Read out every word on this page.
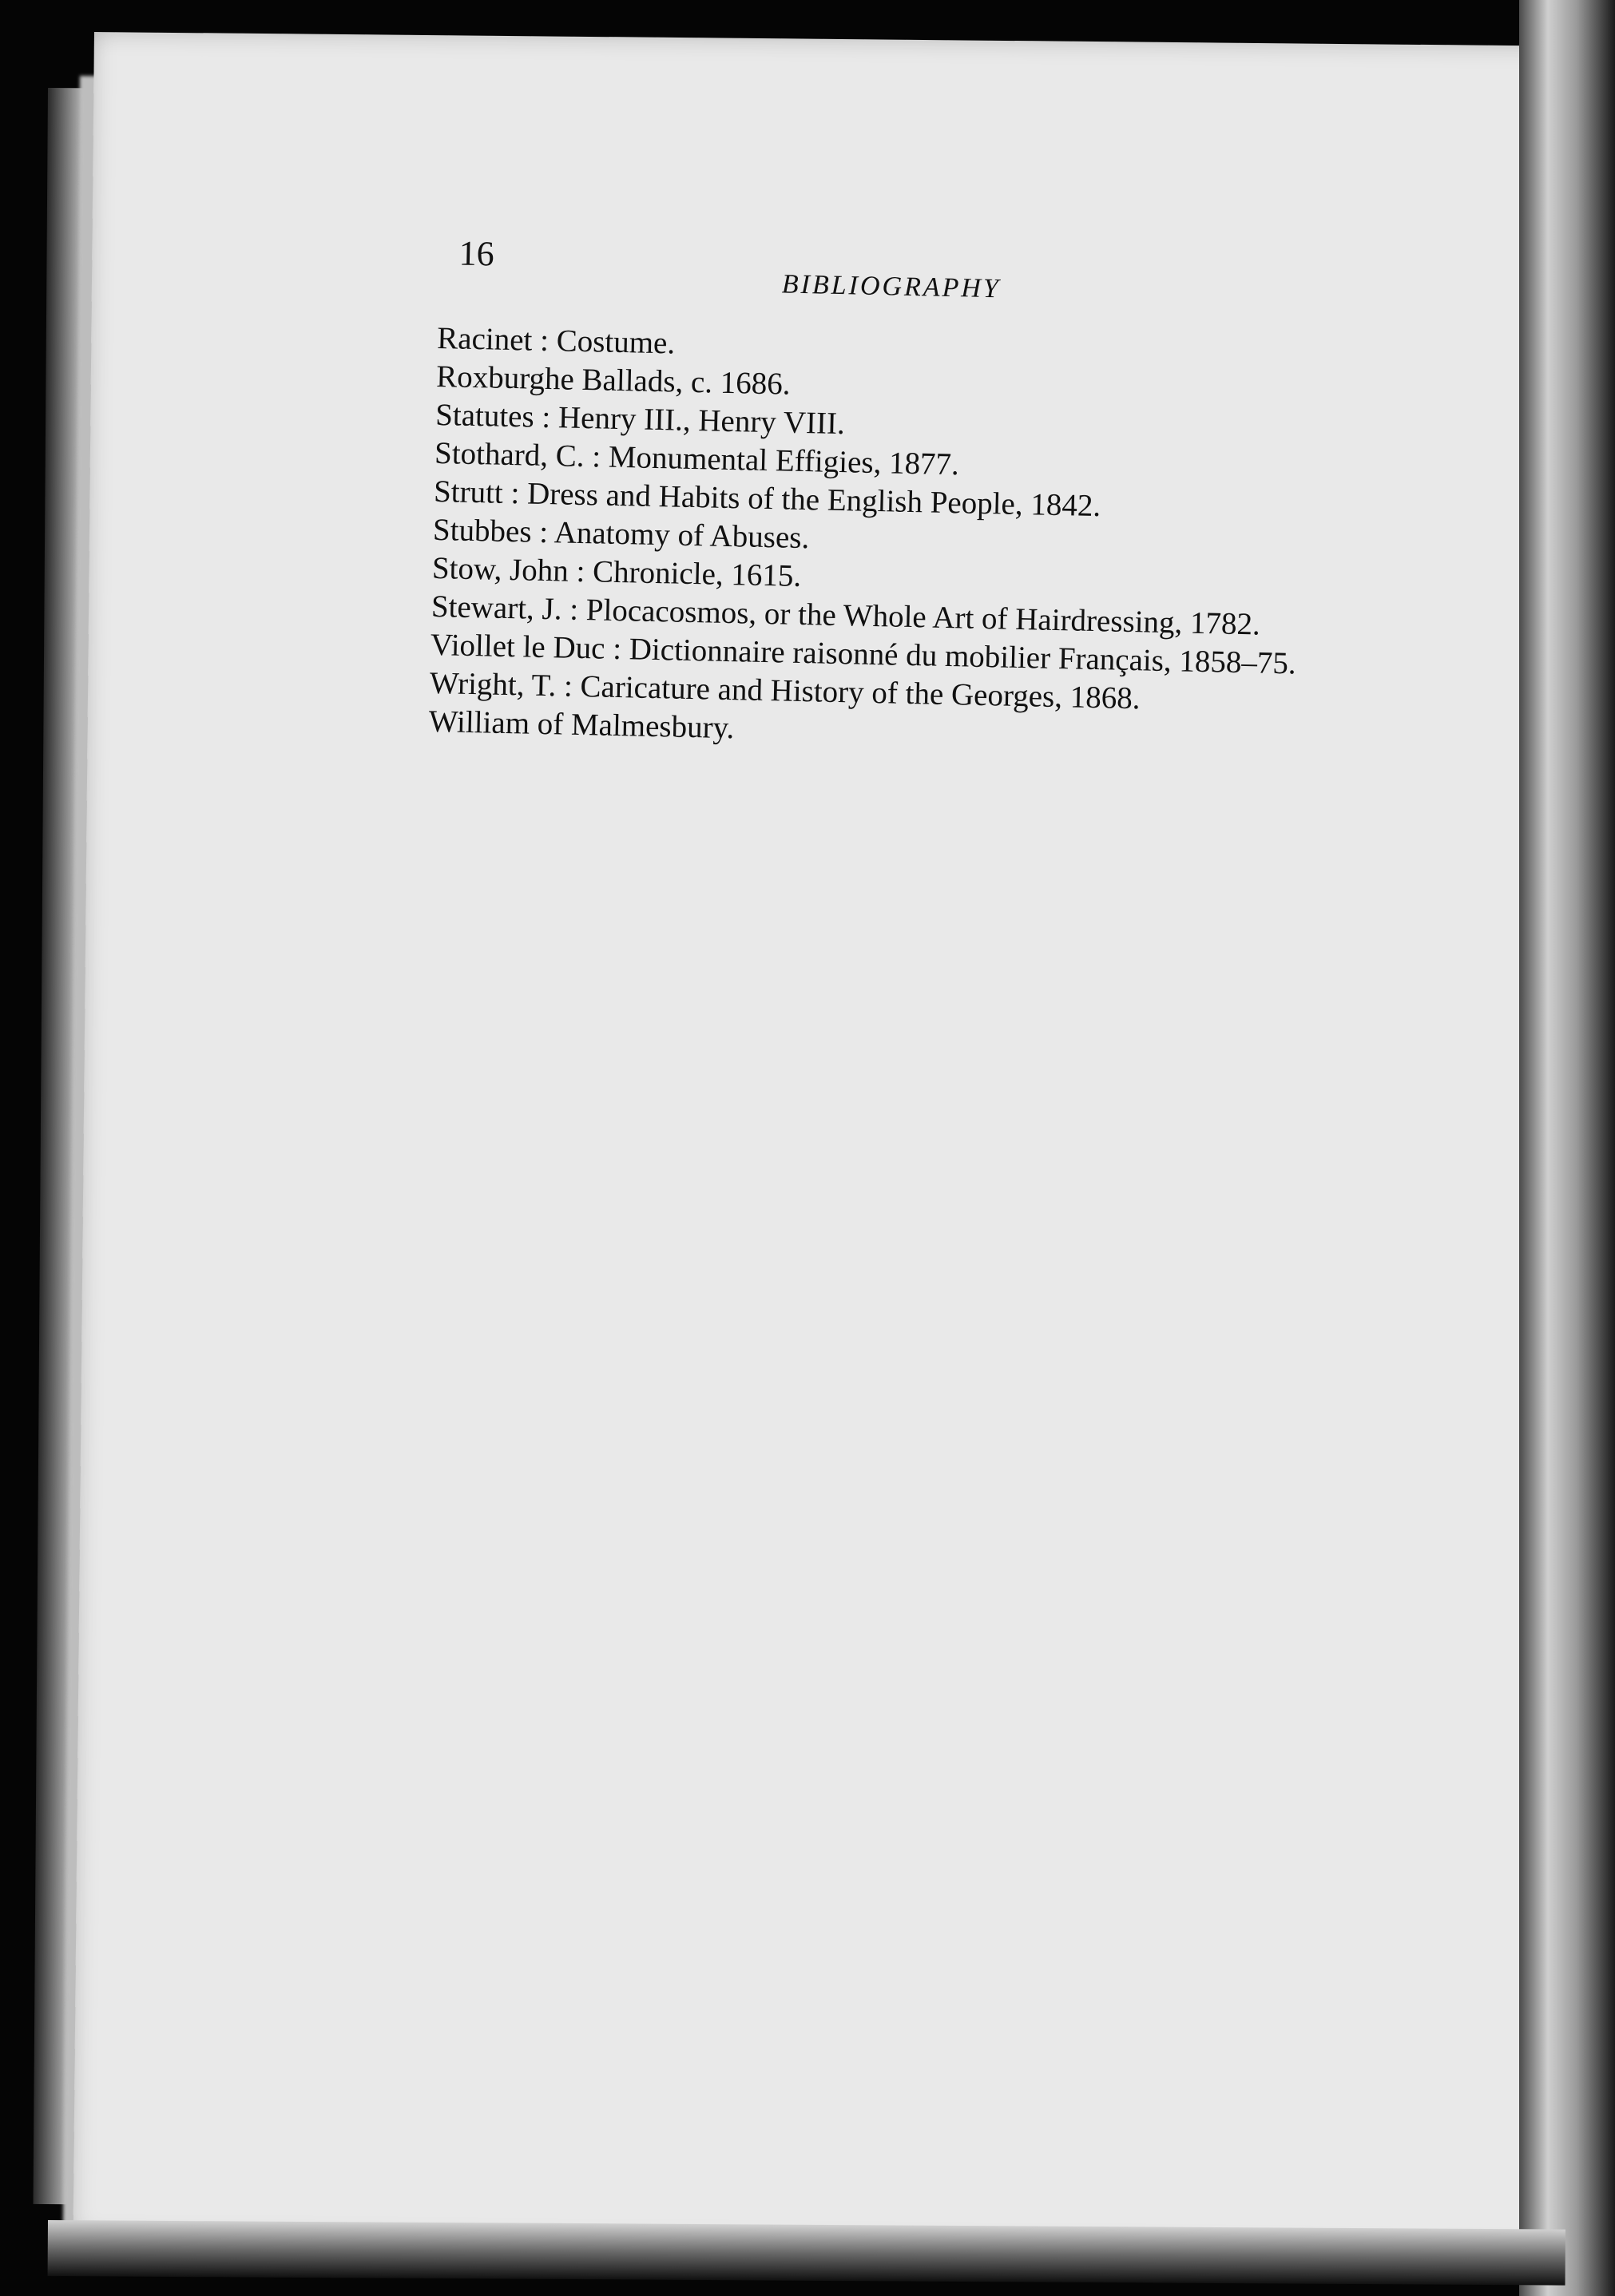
16
BIBLIOGRAPHY
Racinet : Costume.
Roxburghe Ballads, c. 1686.
Statutes : Henry III., Henry VIII.
Stothard, C. : Monumental Effigies, 1877.
Strutt : Dress and Habits of the English People, 1842.
Stubbes : Anatomy of Abuses.
Stow, John : Chronicle, 1615.
Stewart, J. : Plocacosmos, or the Whole Art of Hairdressing, 1782.
Viollet le Duc : Dictionnaire raisonné du mobilier Français, 1858–75.
Wright, T. : Caricature and History of the Georges, 1868.
William of Malmesbury.
